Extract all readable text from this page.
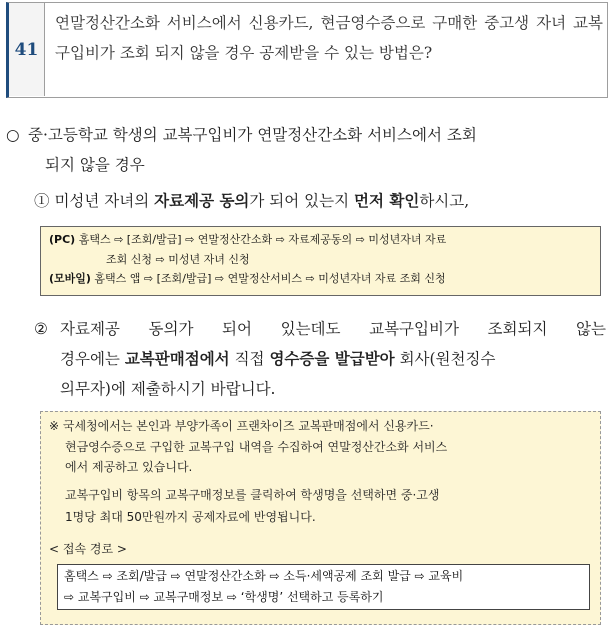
41
연말정산간소화 서비스에서 신용카드, 현금영수증으로 구매한 중고생 자녀 교복구입비가 조회 되지 않을 경우 공제받을 수 있는 방법은?
○ 중·고등학교 학생의 교복구입비가 연말정산간소화 서비스에서 조회
되지 않을 경우
① 미성년 자녀의 자료제공 동의가 되어 있는지 먼저 확인하시고,
(PC) 홈택스 ⇨ [조회/발급] ⇨ 연말정산간소화 ⇨ 자료제공동의 ⇨ 미성년자녀 자료
조회 신청 ⇨ 미성년 자녀 신청
(모바일) 홈택스 앱 ⇨ [조회/발급] ⇨ 연말정산서비스 ⇨ 미성년자녀 자료 조회 신청
② 자료제공 동의가 되어 있는데도 교복구입비가 조회되지 않는
경우에는 교복판매점에서 직접 영수증을 발급받아 회사(원천징수
의무자)에 제출하시기 바랍니다.
※ 국세청에서는 본인과 부양가족이 프랜차이즈 교복판매점에서 신용카드·
현금영수증으로 구입한 교복구입 내역을 수집하여 연말정산간소화 서비스
에서 제공하고 있습니다.
교복구입비 항목의 교복구매정보를 클릭하여 학생명을 선택하면 중·고생
1명당 최대 50만원까지 공제자료에 반영됩니다.
< 접속 경로 >
홈택스 ⇨ 조회/발급 ⇨ 연말정산간소화 ⇨ 소득·세액공제 조회 발급 ⇨ 교육비
⇨ 교복구입비 ⇨ 교복구매정보 ⇨ ‘학생명’ 선택하고 등록하기
